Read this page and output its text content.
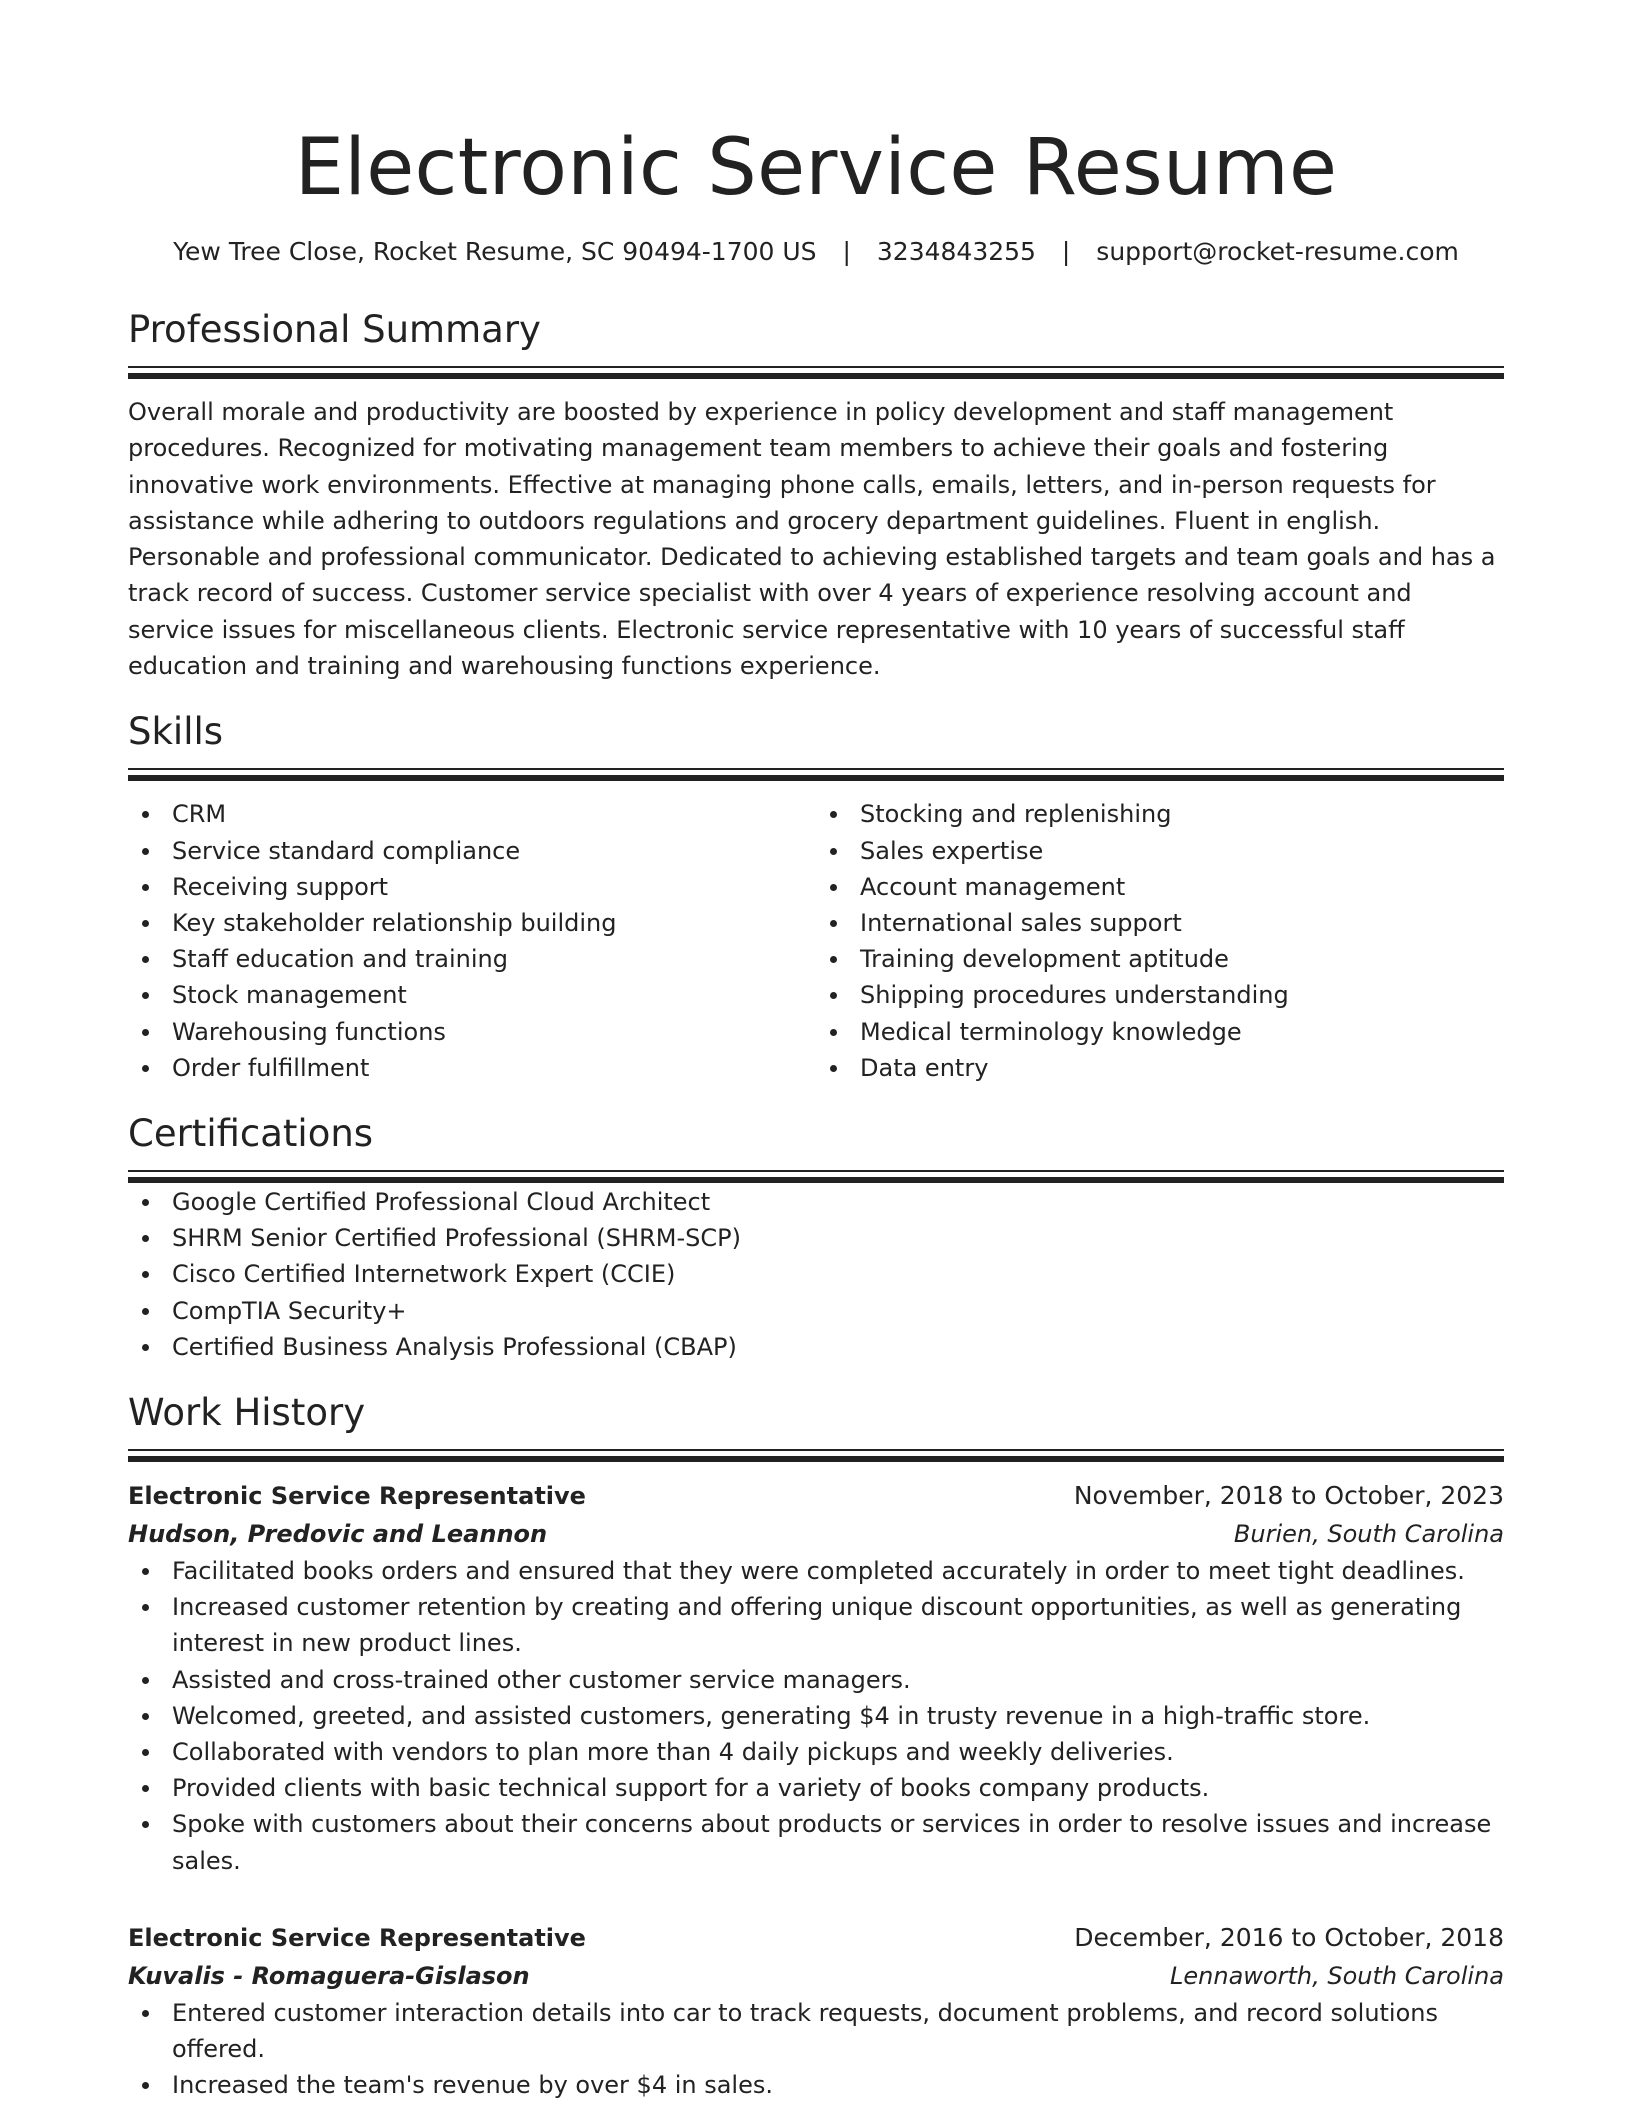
Electronic Service Resume
Yew Tree Close, Rocket Resume, SC 90494-1700 US | 3234843255 | support@rocket-resume.com
Professional Summary

Overall morale and productivity are boosted by experience in policy development and staff management procedures. Recognized for motivating management team members to achieve their goals and fostering innovative work environments. Effective at managing phone calls, emails, letters, and in-person requests for assistance while adhering to outdoors regulations and grocery department guidelines. Fluent in english. Personable and professional communicator. Dedicated to achieving established targets and team goals and has a track record of success. Customer service specialist with over 4 years of experience resolving account and service issues for miscellaneous clients. Electronic service representative with 10 years of successful staff education and training and warehousing functions experience.

Skills
CRM
Service standard compliance
Receiving support
Key stakeholder relationship building
Staff education and training
Stock management
Warehousing functions
Order fulfillment
Stocking and replenishing
Sales expertise
Account management
International sales support
Training development aptitude
Shipping procedures understanding
Medical terminology knowledge
Data entry
Certifications
Google Certified Professional Cloud Architect
SHRM Senior Certified Professional (SHRM-SCP)
Cisco Certified Internetwork Expert (CCIE)
CompTIA Security+
Certified Business Analysis Professional (CBAP)
Work History
Electronic Service Representative	November, 2018 to October, 2023
Hudson, Predovic and Leannon	Burien, South Carolina
Facilitated books orders and ensured that they were completed accurately in order to meet tight deadlines.
Increased customer retention by creating and offering unique discount opportunities, as well as generating interest in new product lines.
Assisted and cross-trained other customer service managers.
Welcomed, greeted, and assisted customers, generating $4 in trusty revenue in a high-traffic store.
Collaborated with vendors to plan more than 4 daily pickups and weekly deliveries.
Provided clients with basic technical support for a variety of books company products.
Spoke with customers about their concerns about products or services in order to resolve issues and increase sales.
Electronic Service Representative	December, 2016 to October, 2018
Kuvalis - Romaguera-Gislason	Lennaworth, South Carolina
Entered customer interaction details into car to track requests, document problems, and record solutions offered.
Increased the team's revenue by over $4 in sales.
